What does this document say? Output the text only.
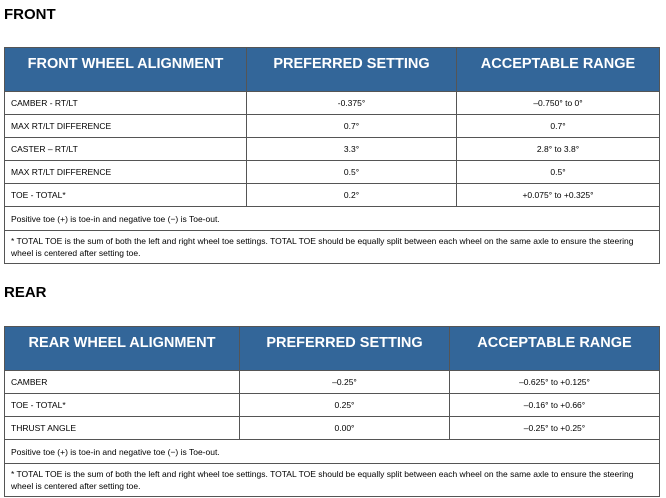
FRONT
FRONT WHEEL ALIGNMENT	PREFERRED SETTING	ACCEPTABLE RANGE
CAMBER - RT/LT	-0.375°	–0.750° to 0°
MAX RT/LT DIFFERENCE	0.7°	0.7°
CASTER – RT/LT	3.3°	2.8° to 3.8°
MAX RT/LT DIFFERENCE	0.5°	0.5°
TOE - TOTAL*	0.2°	+0.075° to +0.325°
Positive toe (+) is toe-in and negative toe (−) is Toe-out.		
* TOTAL TOE is the sum of both the left and right wheel toe settings. TOTAL TOE should be equally split between each wheel on the same axle to ensure the steering wheel is centered after setting toe.		
REAR
REAR WHEEL ALIGNMENT	PREFERRED SETTING	ACCEPTABLE RANGE
CAMBER	–0.25°	–0.625° to +0.125°
TOE - TOTAL*	0.25°	–0.16° to +0.66°
THRUST ANGLE	0.00°	–0.25° to +0.25°
Positive toe (+) is toe-in and negative toe (−) is Toe-out.		
* TOTAL TOE is the sum of both the left and right wheel toe settings. TOTAL TOE should be equally split between each wheel on the same axle to ensure the steering wheel is centered after setting toe.		
